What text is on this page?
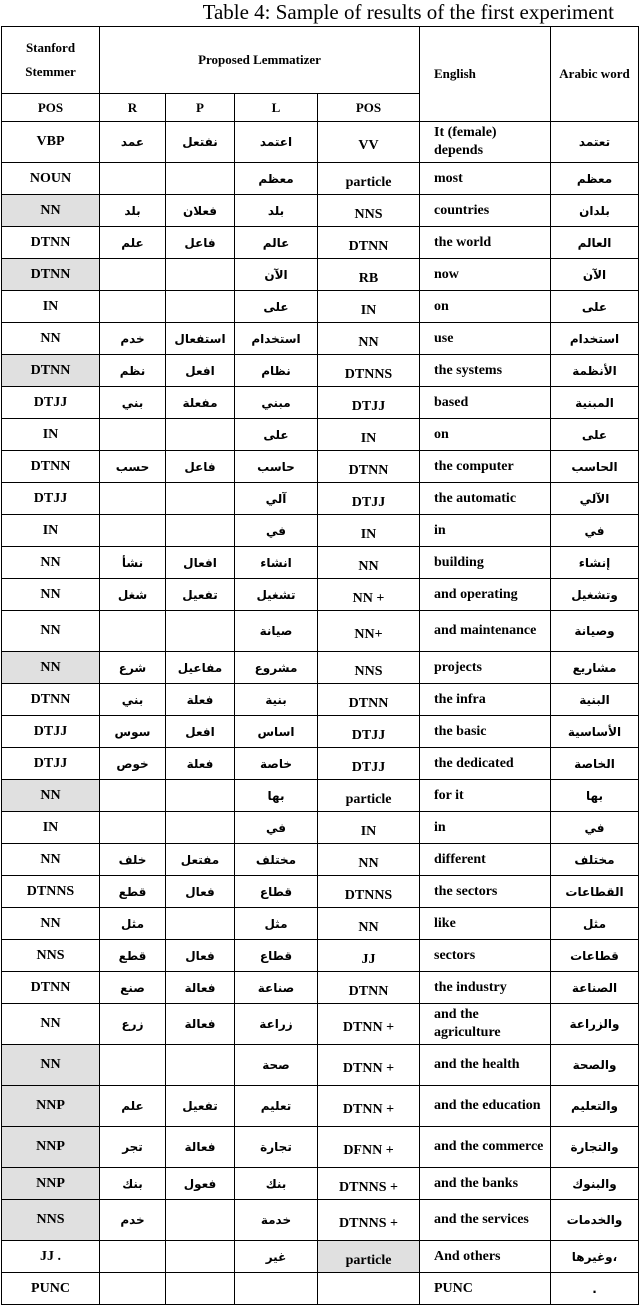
Table 4: Sample of results of the first experiment
Stanford Stemmer	Proposed Lemmatizer				English	Arabic word
POS	R	P	L	POS		
VBP	عمد	نفتعل	اعتمد	VV	It (female) depends	تعتمد
NOUN			معظم	particle	most	معظم
NN	بلد	فعلان	بلد	NNS	countries	بلدان
DTNN	علم	فاعل	عالم	DTNN	the world	العالم
DTNN			الآن	RB	now	الآن
IN			على	IN	on	على
NN	خدم	استفعال	استخدام	NN	use	استخدام
DTNN	نظم	افعل	نظام	DTNNS	the systems	الأنظمة
DTJJ	بني	مفعلة	مبني	DTJJ	based	المبنية
IN			على	IN	on	على
DTNN	حسب	فاعل	حاسب	DTNN	the computer	الحاسب
DTJJ			آلي	DTJJ	the automatic	الآلي
IN			في	IN	in	في
NN	نشأ	افعال	انشاء	NN	building	إنشاء
NN	شغل	تفعيل	تشغيل	NN +	and operating	وتشغيل
NN			صيانة	NN+	and maintenance	وصيانة
NN	شرع	مفاعيل	مشروع	NNS	projects	مشاريع
DTNN	بني	فعلة	بنية	DTNN	the infra	البنية
DTJJ	سوس	افعل	اساس	DTJJ	the basic	الأساسية
DTJJ	خوص	فعلة	خاصة	DTJJ	the dedicated	الخاصة
NN			بها	particle	for it	بها
IN			في	IN	in	في
NN	خلف	مفتعل	مختلف	NN	different	مختلف
DTNNS	قطع	فعال	قطاع	DTNNS	the sectors	القطاعات
NN	مثل		مثل	NN	like	مثل
NNS	قطع	فعال	قطاع	JJ	sectors	قطاعات
DTNN	صنع	فعالة	صناعة	DTNN	the industry	الصناعة
NN	زرع	فعالة	زراعة	DTNN +	and the agriculture	والزراعة
NN			صحة	DTNN +	and the health	والصحة
NNP	علم	تفعيل	تعليم	DTNN +	and the education	والتعليم
NNP	تجر	فعالة	تجارة	DFNN +	and the commerce	والتجارة
NNP	بنك	فعول	بنك	DTNNS +	and the banks	والبنوك
NNS	خدم		خدمة	DTNNS +	and the services	والخدمات
JJ .			غير	particle	And others	وغيرها،
PUNC					PUNC	.
